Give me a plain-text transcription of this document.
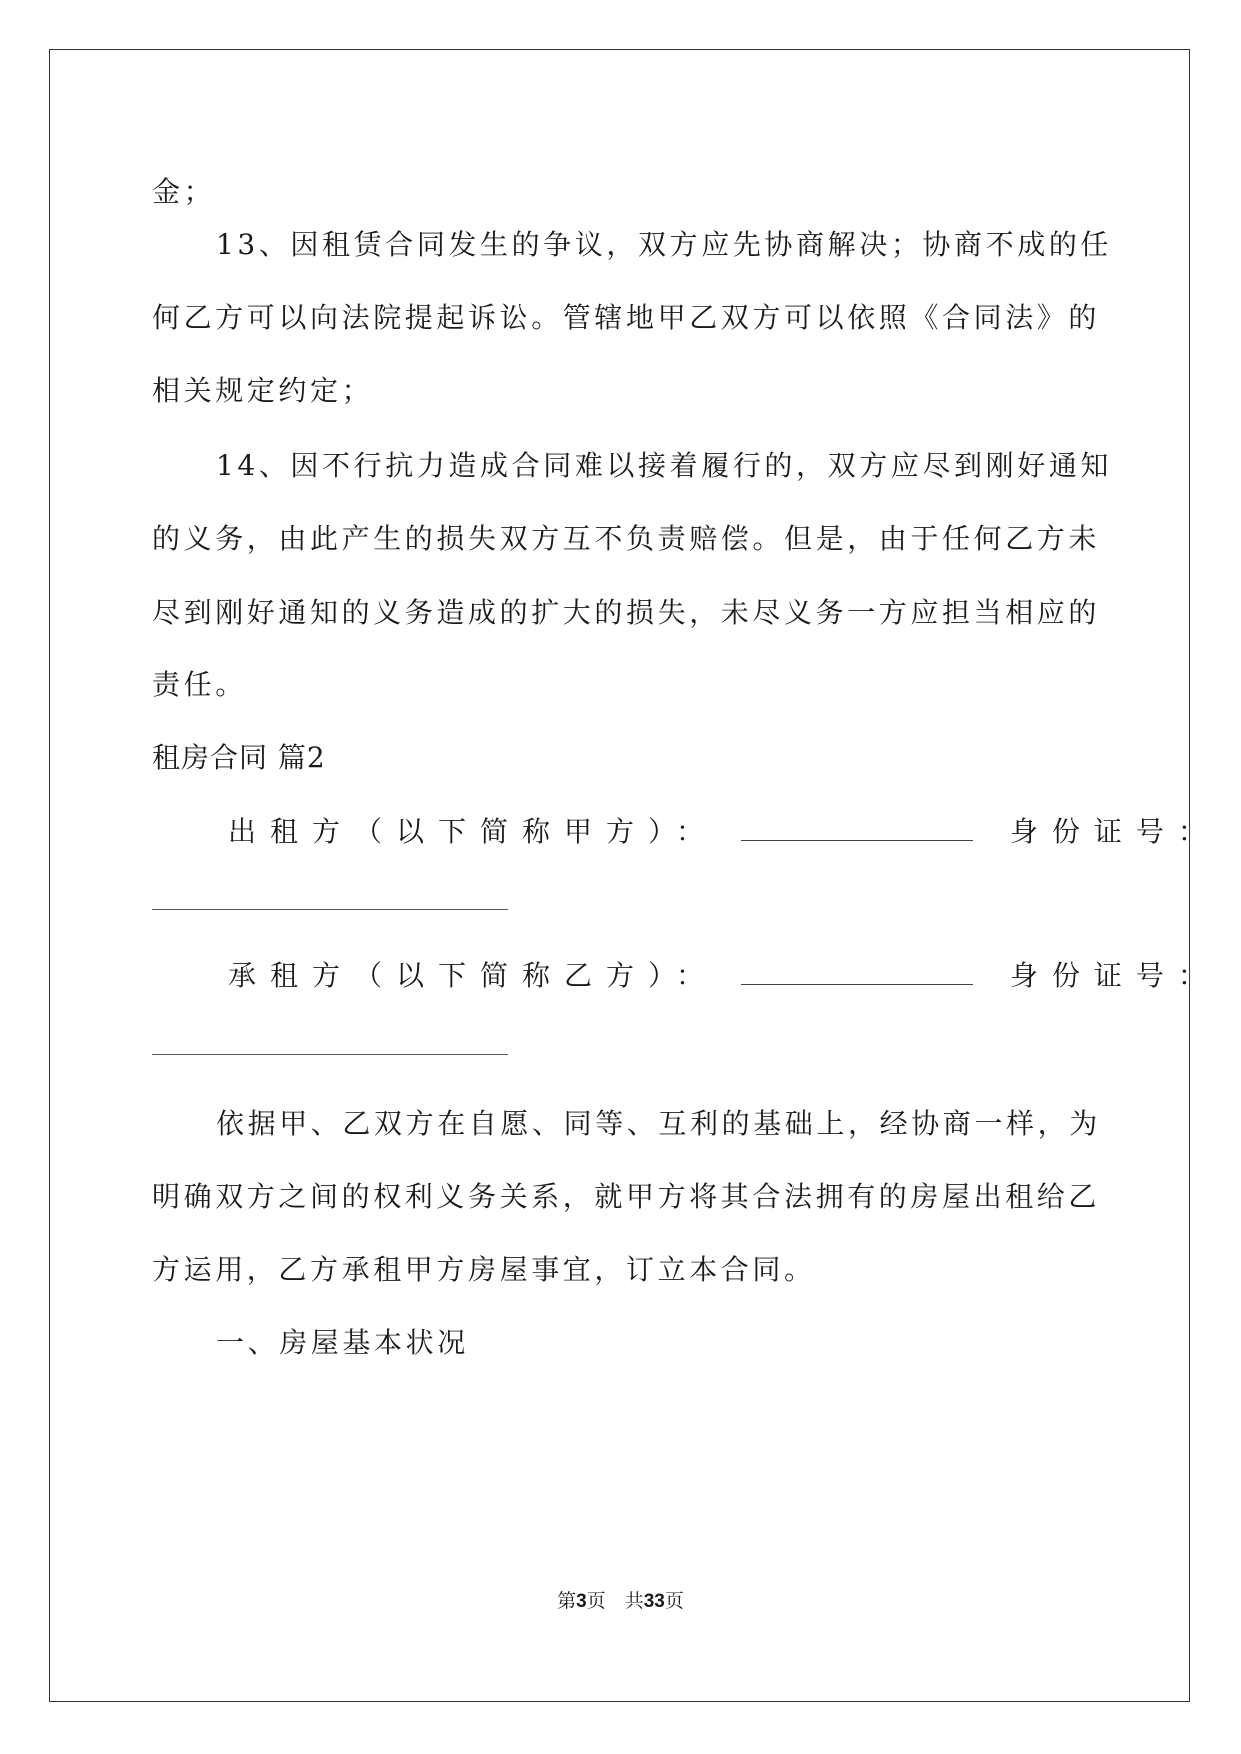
金；
13、因租赁合同发生的争议，双方应先协商解决；协商不成的任
何乙方可以向法院提起诉讼。管辖地甲乙双方可以依照《合同法》的
相关规定约定；
14、因不行抗力造成合同难以接着履行的，双方应尽到刚好通知
的义务，由此产生的损失双方互不负责赔偿。但是，由于任何乙方未
尽到刚好通知的义务造成的扩大的损失，未尽义务一方应担当相应的
责任。
租房合同 篇2
出租方（以下简称甲方）：	身份证号：
承租方（以下简称乙方）：	身份证号：
依据甲、乙双方在自愿、同等、互利的基础上，经协商一样，为
明确双方之间的权利义务关系，就甲方将其合法拥有的房屋出租给乙
方运用，乙方承租甲方房屋事宜，订立本合同。
一、房屋基本状况
第3页　共33页
